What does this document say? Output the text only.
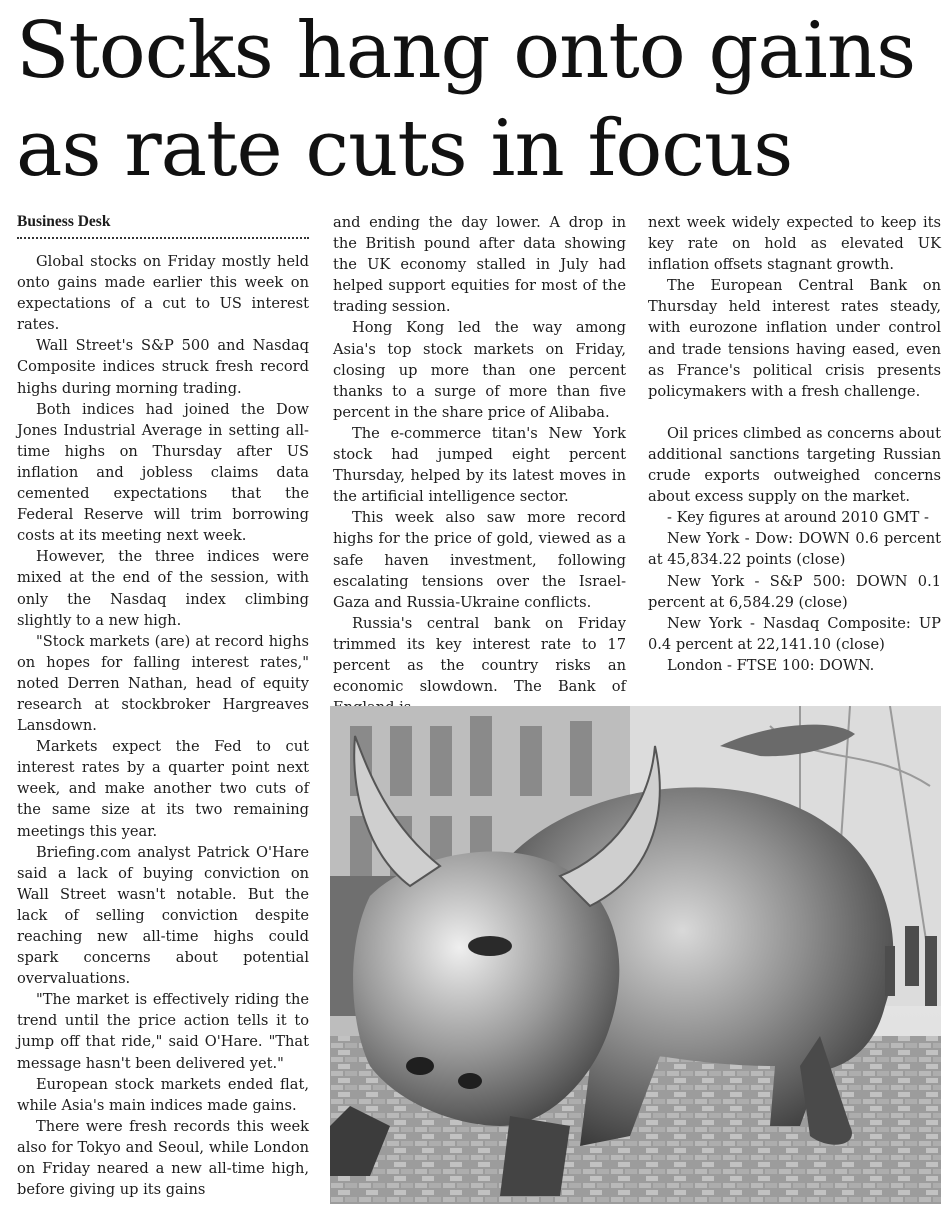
Stocks hang onto gains
as rate cuts in focus

Business Desk

Global stocks on Friday mostly held onto gains made earlier this week on expectations of a cut to US interest rates.

Wall Street's S&P 500 and Nasdaq Composite indices struck fresh record highs during morning trading.

Both indices had joined the Dow Jones Industrial Average in setting all-time highs on Thursday after US inflation and jobless claims data cemented expectations that the Federal Reserve will trim borrowing costs at its meeting next week.

However, the three indices were mixed at the end of the session, with only the Nasdaq index climbing slightly to a new high.

"Stock markets (are) at record highs on hopes for falling interest rates," noted Derren Nathan, head of equity research at stockbroker Hargreaves Lansdown.

Markets expect the Fed to cut interest rates by a quarter point next week, and make another two cuts of the same size at its two remaining meetings this year.

Briefing.com analyst Patrick O'Hare said a lack of buying conviction on Wall Street wasn't notable. But the lack of selling conviction despite reaching new all-time highs could spark concerns about potential overvaluations.

"The market is effectively riding the trend until the price action tells it to jump off that ride," said O'Hare. "That message hasn't been delivered yet."

European stock markets ended flat, while Asia's main indices made gains.

There were fresh records this week also for Tokyo and Seoul, while London on Friday neared a new all-time high, before giving up its gains

and ending the day lower. A drop in the British pound after data showing the UK economy stalled in July had helped support equities for most of the trading session.

Hong Kong led the way among Asia's top stock markets on Friday, closing up more than one percent thanks to a surge of more than five percent in the share price of Alibaba.

The e-commerce titan's New York stock had jumped eight percent Thursday, helped by its latest moves in the artificial intelligence sector.

This week also saw more record highs for the price of gold, viewed as a safe haven investment, following escalating tensions over the Israel-Gaza and Russia-Ukraine conflicts.

Russia's central bank on Friday trimmed its key interest rate to 17 percent as the country risks an economic slowdown. The Bank of

next week widely expected to keep its key rate on hold as elevated UK inflation offsets stagnant growth.

The European Central Bank on Thursday held interest rates steady, with eurozone inflation under control and trade tensions having eased, even as France's political crisis presents policymakers with a fresh challenge.

Oil prices climbed as concerns about additional sanctions targeting Russian crude exports outweighed concerns about excess supply on the market.

- Key figures at around 2010 GMT -

New York - Dow: DOWN 0.6 percent at 45,834.22 points (close)

New York - S&P 500: DOWN 0.1 percent at 6,584.29 (close)

New York - Nasdaq Composite: UP 0.4 percent at 22,141.10 (close)

London - FTSE 100: DOWN.
